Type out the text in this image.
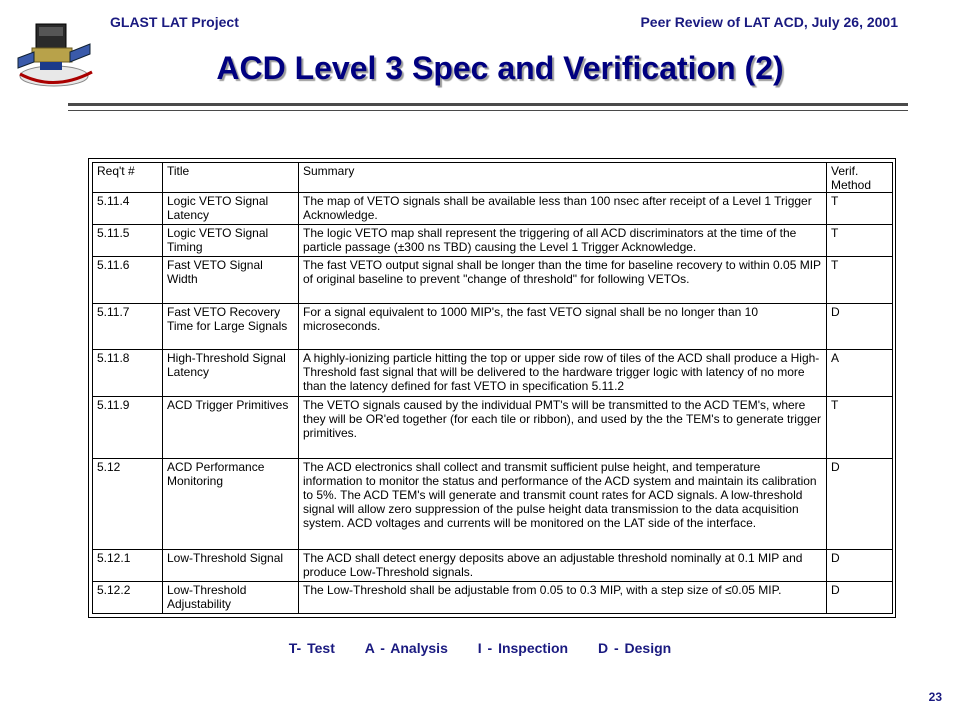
GLAST LAT Project	Peer Review of LAT ACD, July 26, 2001
ACD Level 3 Spec and Verification (2)
Req't #	Title	Summary	Verif. Method
5.11.4	Logic VETO Signal Latency	The map of VETO signals shall be available less than 100 nsec after receipt of a Level 1 Trigger Acknowledge.	T
5.11.5	Logic VETO Signal Timing	The logic VETO map shall represent the triggering of all ACD discriminators at the time of the particle passage (±300 ns TBD) causing the Level 1 Trigger Acknowledge.	T
5.11.6	Fast VETO Signal Width	The fast VETO output signal shall be longer than the time for baseline recovery to within 0.05 MIP of original baseline to prevent "change of threshold" for following VETOs.	T
5.11.7	Fast VETO Recovery Time for Large Signals	For a signal equivalent to 1000 MIP's, the fast VETO signal shall be no longer than 10 microseconds.	D
5.11.8	High-Threshold Signal Latency	A highly-ionizing particle hitting the top or upper side row of tiles of the ACD shall produce a High-Threshold fast signal that will be delivered to the hardware trigger logic with latency of no more than the latency defined for fast VETO in specification 5.11.2	A
5.11.9	ACD Trigger Primitives	The VETO signals caused by the individual PMT's will be transmitted to the ACD TEM's, where they will be OR'ed together (for each tile or ribbon), and used by the the TEM's to generate trigger primitives.	T
5.12	ACD Performance Monitoring	The ACD electronics shall collect and transmit sufficient pulse height, and temperature information to monitor the status and performance of the ACD system and maintain its calibration to 5%. The ACD TEM's will generate and transmit count rates for ACD signals. A low-threshold signal will allow zero suppression of the pulse height data transmission to the data acquisition system. ACD voltages and currents will be monitored on the LAT side of the interface.	D
5.12.1	Low-Threshold Signal	The ACD shall detect energy deposits above an adjustable threshold nominally at 0.1 MIP and produce Low-Threshold signals.	D
5.12.2	Low-Threshold Adjustability	The Low-Threshold shall be adjustable from 0.05 to 0.3 MIP, with a step size of ≤0.05 MIP.	D
T- Test A - Analysis I - Inspection D - Design
23
